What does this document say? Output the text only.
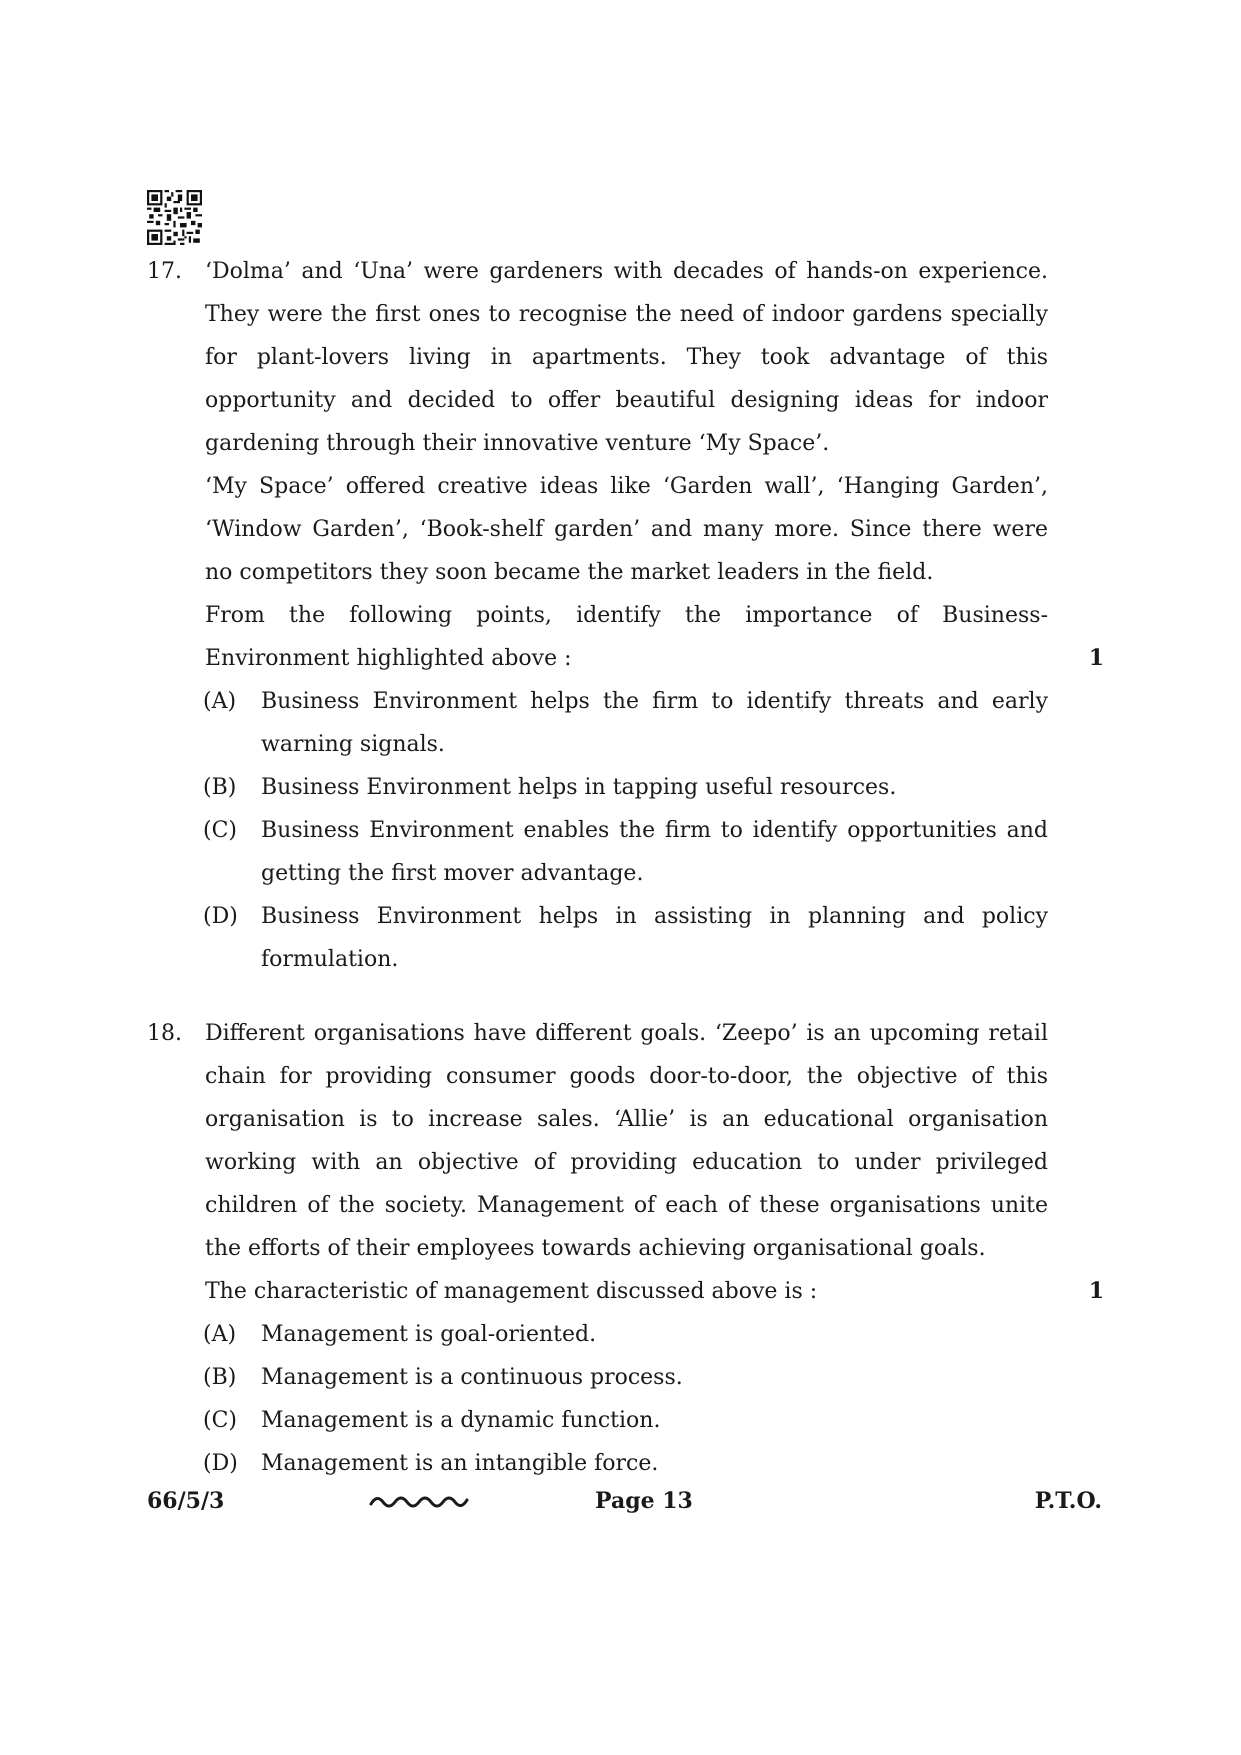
17. ‘Dolma’ and ‘Una’ were gardeners with decades of hands-on experience. They were the first ones to recognise the need of indoor gardens specially for plant-lovers living in apartments. They took advantage of this opportunity and decided to offer beautiful designing ideas for indoor gardening through their innovative venture ‘My Space’.

‘My Space’ offered creative ideas like ‘Garden wall’, ‘Hanging Garden’, ‘Window Garden’, ‘Book-shelf garden’ and many more. Since there were no competitors they soon became the market leaders in the field.

From the following points, identify the importance of Business-Environment highlighted above :	1
(A)	Business Environment helps the firm to identify threats and early warning signals.
(B)	Business Environment helps in tapping useful resources.
(C)	Business Environment enables the firm to identify opportunities and getting the first mover advantage.
(D)	Business Environment helps in assisting in planning and policy formulation.
18. Different organisations have different goals. ‘Zeepo’ is an upcoming retail chain for providing consumer goods door-to-door, the objective of this organisation is to increase sales. ‘Allie’ is an educational organisation working with an objective of providing education to under privileged children of the society. Management of each of these organisations unite the efforts of their employees towards achieving organisational goals.

The characteristic of management discussed above is :	1
(A)	Management is goal-oriented.
(B)	Management is a continuous process.
(C)	Management is a dynamic function.
(D)	Management is an intangible force.
66/5/3	Page 13	P.T.O.
